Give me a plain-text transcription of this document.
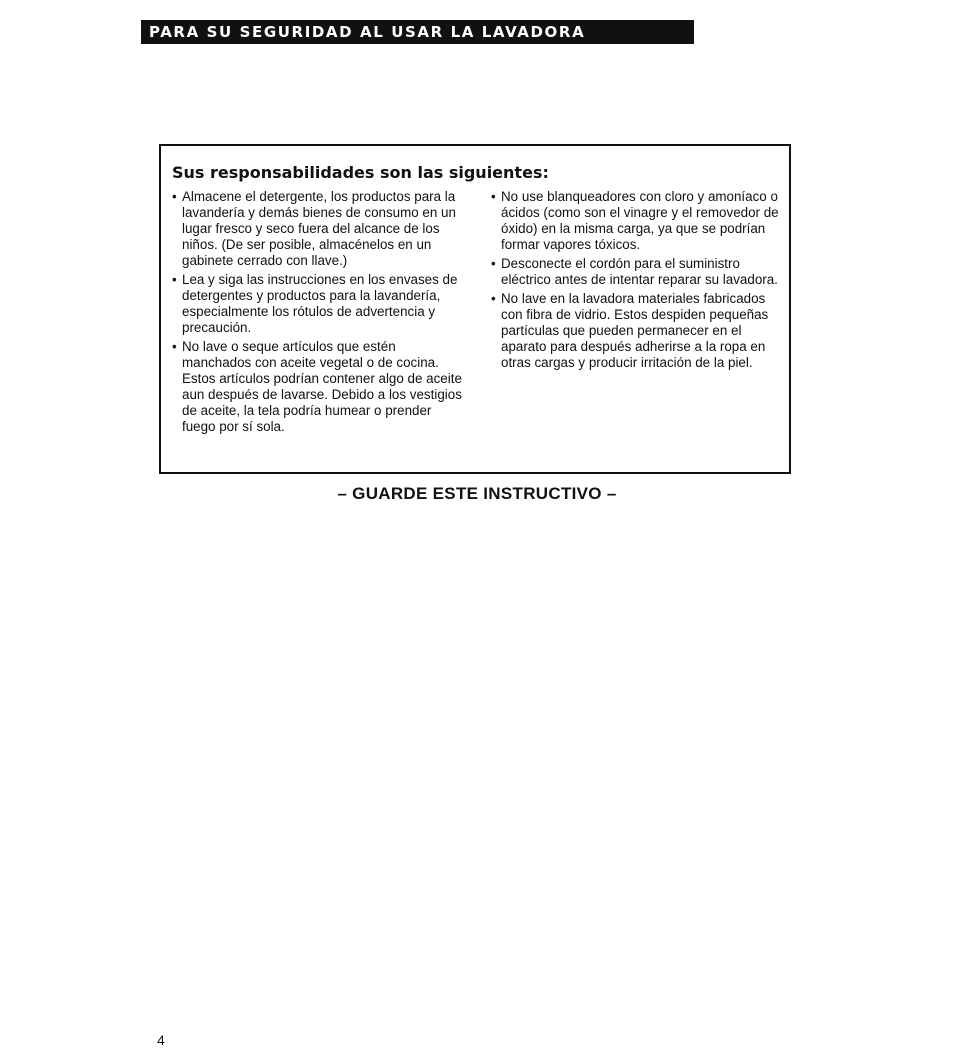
PARA SU SEGURIDAD AL USAR LA LAVADORA
Sus responsabilidades son las siguientes:
• Almacene el detergente, los productos para la lavandería y demás bienes de consumo en un lugar fresco y seco fuera del alcance de los niños. (De ser posible, almacénelos en un gabinete cerrado con llave.)
• Lea y siga las instrucciones en los envases de detergentes y productos para la lavandería, especialmente los rótulos de advertencia y precaución.
• No lave o seque artículos que estén manchados con aceite vegetal o de cocina. Estos artículos podrían contener algo de aceite aun después de lavarse. Debido a los vestigios de aceite, la tela podría humear o prender fuego por sí sola.
• No use blanqueadores con cloro y amoníaco o ácidos (como son el vinagre y el removedor de óxido) en la misma carga, ya que se podrían formar vapores tóxicos.
• Desconecte el cordón para el suministro eléctrico antes de intentar reparar su lavadora.
• No lave en la lavadora materiales fabricados con fibra de vidrio. Estos despiden pequeñas partículas que pueden permanecer en el aparato para después adherirse a la ropa en otras cargas y producir irritación de la piel.
– GUARDE ESTE INSTRUCTIVO –
4
